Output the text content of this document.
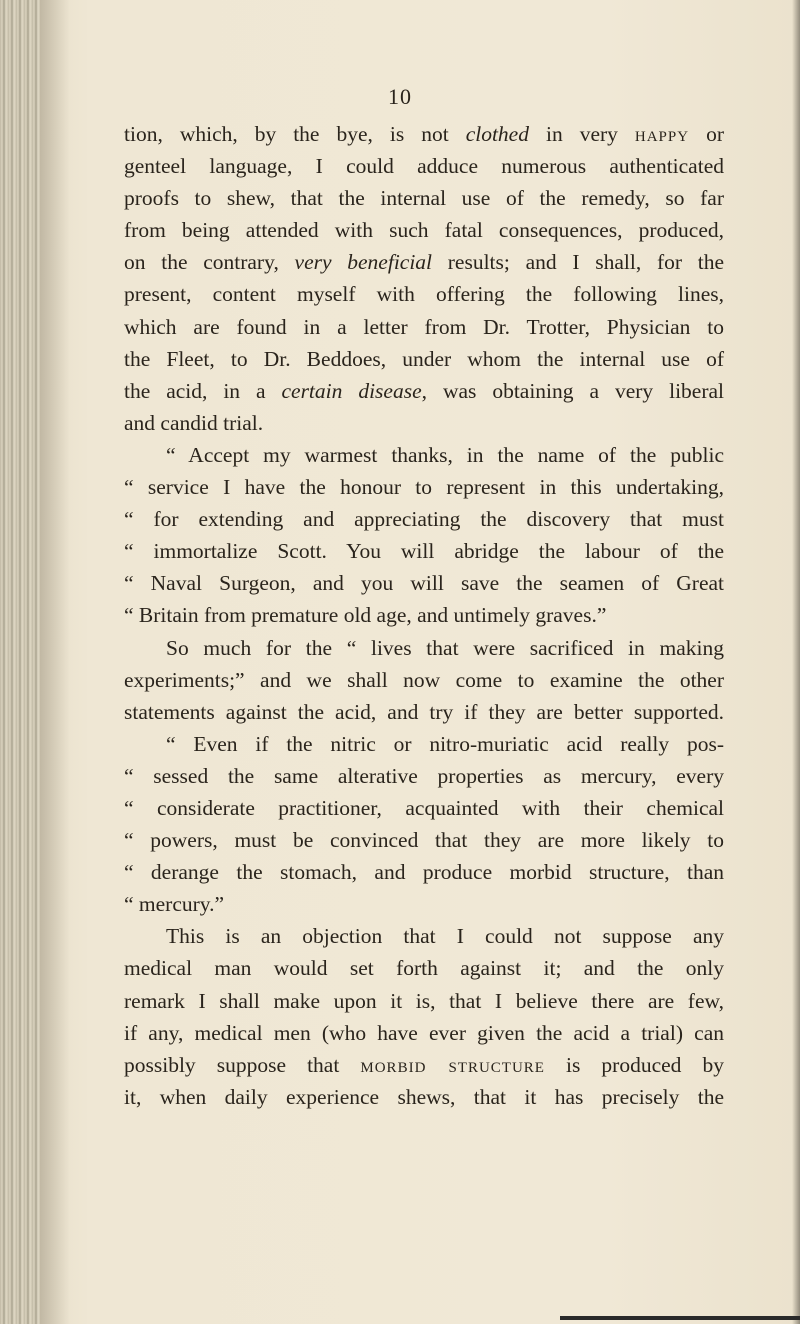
10
tion, which, by the bye, is not clothed in very happy or
genteel language, I could adduce numerous authenticated
proofs to shew, that the internal use of the remedy, so far
from being attended with such fatal consequences, produced,
on the contrary, very beneficial results; and I shall, for the
present, content myself with offering the following lines,
which are found in a letter from Dr. Trotter, Physician to
the Fleet, to Dr. Beddoes, under whom the internal use of
the acid, in a certain disease, was obtaining a very liberal
and candid trial.
“ Accept my warmest thanks, in the name of the public
“ service I have the honour to represent in this undertaking,
“ for extending and appreciating the discovery that must
“ immortalize Scott. You will abridge the labour of the
“ Naval Surgeon, and you will save the seamen of Great
“ Britain from premature old age, and untimely graves.”
So much for the “ lives that were sacrificed in making
experiments;” and we shall now come to examine the other
statements against the acid, and try if they are better supported.
“ Even if the nitric or nitro-muriatic acid really pos-
“ sessed the same alterative properties as mercury, every
“ considerate practitioner, acquainted with their chemical
“ powers, must be convinced that they are more likely to
“ derange the stomach, and produce morbid structure, than
“ mercury.”
This is an objection that I could not suppose any
medical man would set forth against it; and the only
remark I shall make upon it is, that I believe there are few,
if any, medical men (who have ever given the acid a trial) can
possibly suppose that morbid structure is produced by
it, when daily experience shews, that it has precisely the
